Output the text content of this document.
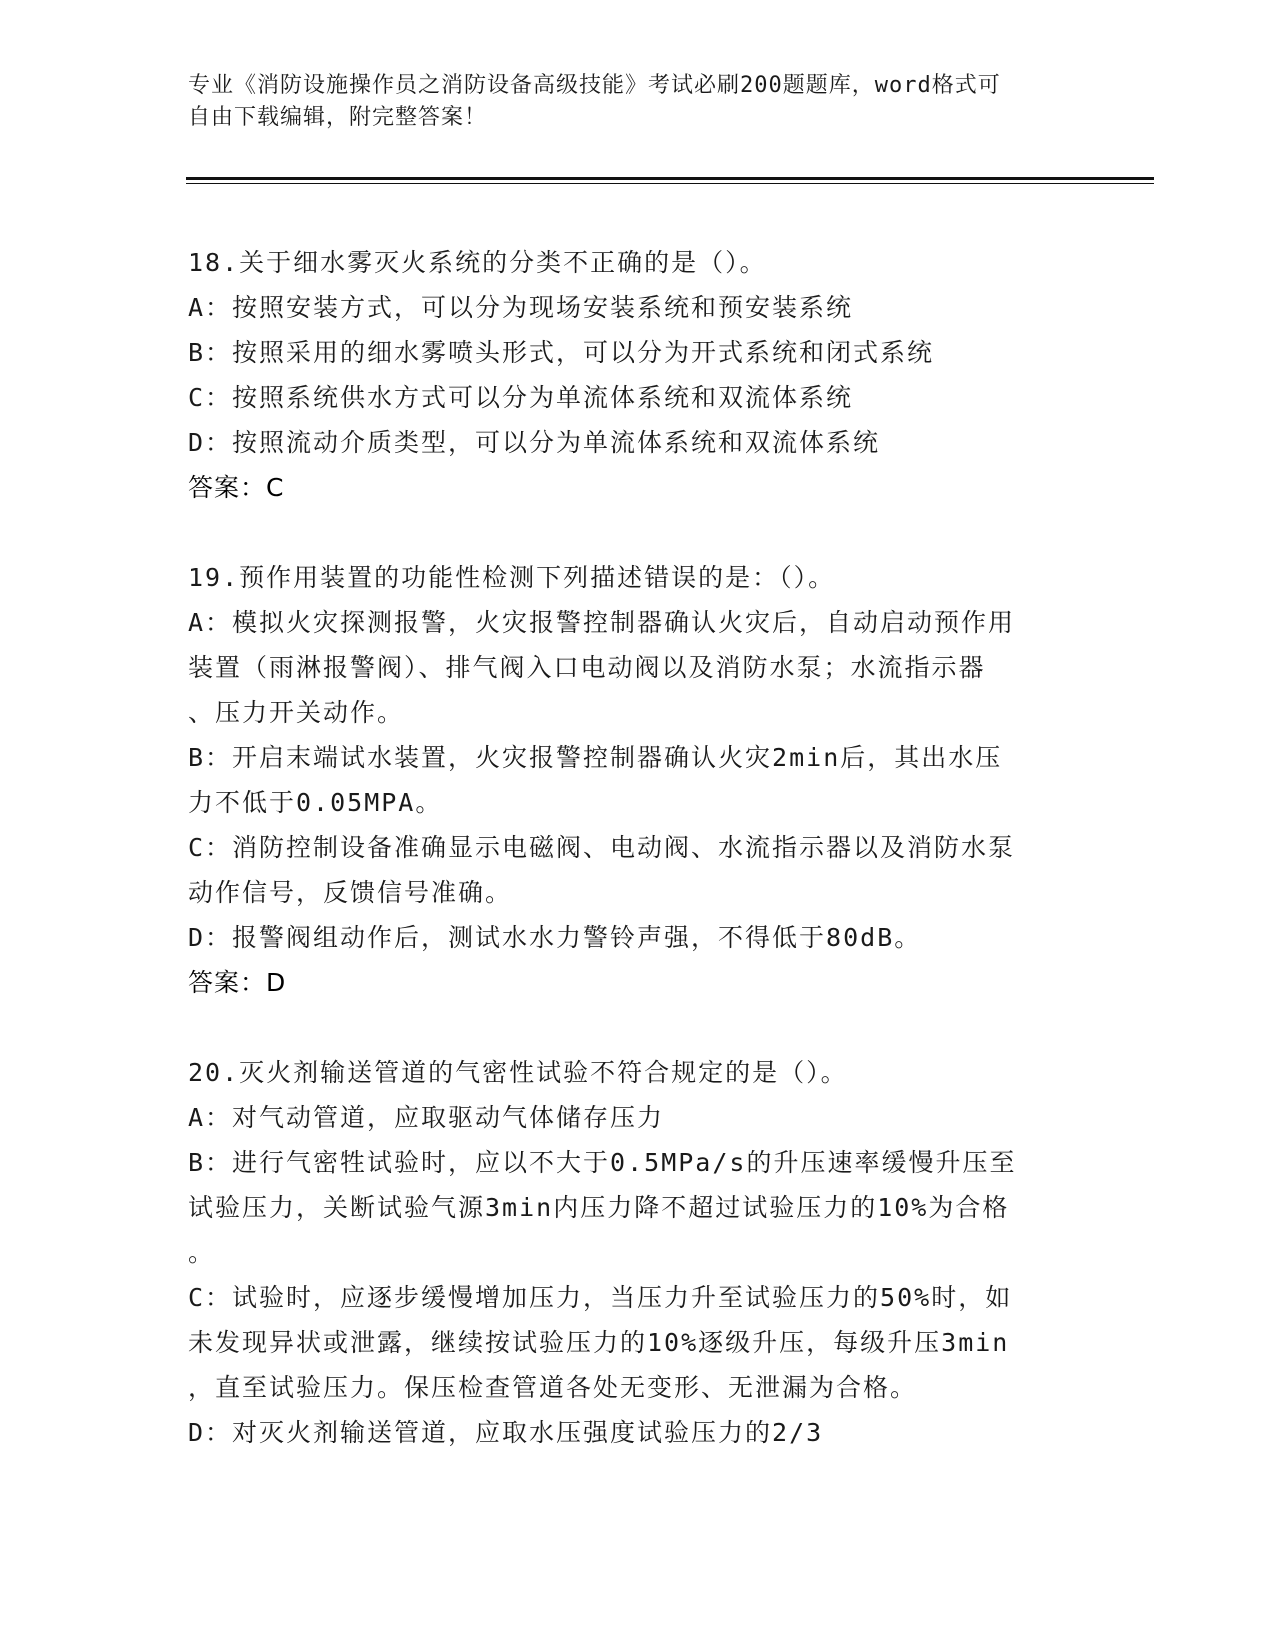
专业《消防设施操作员之消防设备高级技能》考试必刷200题题库，word格式可
自由下载编辑，附完整答案！
18.关于细水雾灭火系统的分类不正确的是（）。
A：按照安装方式，可以分为现场安装系统和预安装系统
B：按照采用的细水雾喷头形式，可以分为开式系统和闭式系统
C：按照系统供水方式可以分为单流体系统和双流体系统
D：按照流动介质类型，可以分为单流体系统和双流体系统
答案：C
19.预作用装置的功能性检测下列描述错误的是：（）。
A：模拟火灾探测报警，火灾报警控制器确认火灾后，自动启动预作用
装置（雨淋报警阀）、排气阀入口电动阀以及消防水泵；水流指示器
、压力开关动作。
B：开启末端试水装置，火灾报警控制器确认火灾2min后，其出水压
力不低于0.05MPA。
C：消防控制设备准确显示电磁阀、电动阀、水流指示器以及消防水泵
动作信号，反馈信号准确。
D：报警阀组动作后，测试水水力警铃声强，不得低于80dB。
答案：D
20.灭火剂输送管道的气密性试验不符合规定的是（）。
A：对气动管道，应取驱动气体储存压力
B：进行气密牲试验时，应以不大于0.5MPa/s的升压速率缓慢升压至
试验压力，关断试验气源3min内压力降不超过试验压力的10%为合格
。
C：试验时，应逐步缓慢增加压力，当压力升至试验压力的50%时，如
未发现异状或泄露，继续按试验压力的10%逐级升压，每级升压3min
，直至试验压力。保压检查管道各处无变形、无泄漏为合格。
D：对灭火剂输送管道，应取水压强度试验压力的2/3
